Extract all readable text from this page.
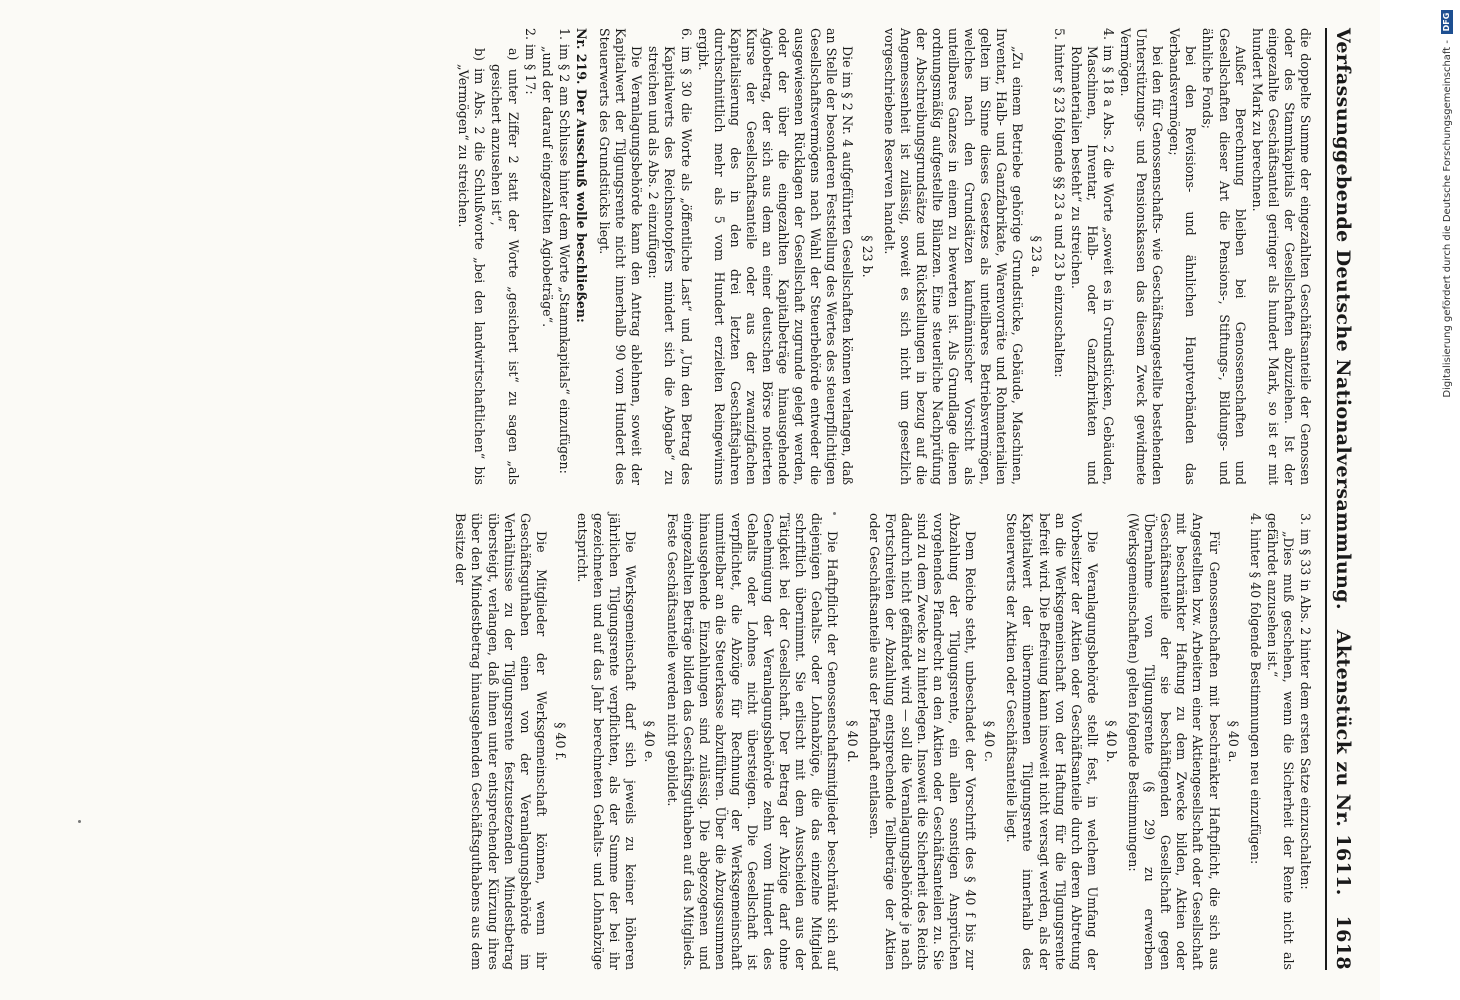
Verfassunggebende Deutsche Nationalversammlung.
Aktenstück zu Nr. 1611.
1618

die doppelte Summe der eingezahlten Geschäftsanteile der Genossen oder des Stammkapitals der Gesellschaften abzuziehen. Ist der eingezahlte Geschäftsanteil geringer als hundert Mark, so ist er mit hundert Mark zu berechnen.

Außer Berechnung bleiben bei Genossenschaften und Gesellschaften dieser Art die Pensions-, Stiftungs-, Bildungs- und ähnliche Fonds;

bei den Revisions- und ähnlichen Hauptverbänden das Verbandsvermögen;

bei den für Genossenschafts- wie Geschäftsangestellte bestehenden Unterstützungs- und Pensionskassen das diesem Zweck gewidmete Vermögen.

4. im § 18 a Abs. 2 die Worte „soweit es in Grundstücken, Gebäuden, Maschinen, Inventar, Halb- oder Ganzfabrikaten und Rohmaterialien besteht“ zu streichen.

5. hinter § 23 folgende §§ 23 a und 23 b einzuschalten:

§ 23 a.

„Zu einem Betriebe gehörige Grundstücke, Gebäude, Maschinen, Inventar, Halb- und Ganzfabrikate, Warenvorräte und Rohmaterialien gelten im Sinne dieses Gesetzes als unteilbares Betriebsvermögen, welches nach den Grundsätzen kaufmännischer Vorsicht als unteilbares Ganzes in einem zu bewerten ist. Als Grundlage dienen ordnungsmäßig aufgestellte Bilanzen. Eine steuerliche Nachprüfung der Abschreibungsgrundsätze und Rückstellungen in bezug auf die Angemessenheit ist zulässig, soweit es sich nicht um gesetzlich vorgeschriebene Reserven handelt.

§ 23 b.

Die im § 2 Nr. 4 aufgeführten Gesellschaften können verlangen, daß an Stelle der besonderen Feststellung des Wertes des steuerpflichtigen Gesellschaftsvermögens nach Wahl der Steuerbehörde entweder die ausgewiesenen Rücklagen der Gesellschaft zugrunde gelegt werden, oder der über die eingezahlten Kapitalbeträge hinausgehende Agiobetrag, der sich aus dem an einer deutschen Börse notierten Kurse der Gesellschaftsanteile oder aus der zwanzigfachen Kapitalisierung des in den drei letzten Geschäftsjahren durchschnittlich mehr als 5 vom Hundert erzielten Reingewinns ergibt.

6. im § 30 die Worte als „öffentliche Last“ und „Um den Betrag des Kapitalwerts des Reichsnotopfers mindert sich die Abgabe“ zu streichen und als Abs. 2 einzufügen:

Die Veranlagungsbehörde kann den Antrag ablehnen, soweit der Kapitalwert der Tilgungsrente nicht innerhalb 90 vom Hundert des Steuerwerts des Grundstücks liegt.

Nr. 219. Der Ausschuß wolle beschließen:

1. im § 2 am Schlusse hinter dem Worte „Stammkapitals“ einzufügen:

„und der darauf eingezahlten Agiobeträge“.

2. im § 17:

a) unter Ziffer 2 statt der Worte „gesichert ist“ zu sagen „als gesichert anzusehen ist“,

b) im Abs. 2 die Schlußworte „bei den landwirtschaftlichen“ bis „Vermögen“ zu streichen.

3. im § 33 in Abs. 2 hinter dem ersten Satze einzuschalten:

„Dies muß geschehen, wenn die Sicherheit der Rente nicht als gefährdet anzusehen ist.“

4. hinter § 40 folgende Bestimmungen neu einzufügen:

§ 40 a.

Für Genossenschaften mit beschränkter Haftpflicht, die sich aus Angestellten bzw. Arbeitern einer Aktiengesellschaft oder Gesellschaft mit beschränkter Haftung zu dem Zwecke bilden, Aktien oder Geschäftsanteile der sie beschäftigenden Gesellschaft gegen Übernahme von Tilgungsrente (§ 29) zu erwerben (Werksgemeinschaften) gelten folgende Bestimmungen:

§ 40 b.

Die Veranlagungsbehörde stellt fest, in welchem Umfang der Vorbesitzer der Aktien oder Geschäftsanteile durch deren Abtretung an die Werksgemeinschaft von der Haftung für die Tilgungsrente befreit wird. Die Befreiung kann insoweit nicht versagt werden, als der Kapitalwert der übernommenen Tilgungsrente innerhalb des Steuerwerts der Aktien oder Geschäftsanteile liegt.

§ 40 c.

Dem Reiche steht, unbeschadet der Vorschrift des § 40 f bis zur Abzahlung der Tilgungsrente, ein allen sonstigen Ansprüchen vorgehendes Pfandrecht an den Aktien oder Geschäftsanteilen zu. Sie sind zu dem Zwecke zu hinterlegen. Insoweit die Sicherheit des Reichs dadurch nicht gefährdet wird — soll die Veranlagungsbehörde je nach Fortschreiten der Abzahlung entsprechende Teilbeträge der Aktien oder Geschäftsanteile aus der Pfandhaft entlassen.

§ 40 d.

Die Haftpflicht der Genossenschaftsmitglieder beschränkt sich auf diejenigen Gehalts- oder Lohnabzüge, die das einzelne Mitglied schriftlich übernimmt. Sie erlischt mit dem Ausscheiden aus der Tätigkeit bei der Gesellschaft. Der Betrag der Abzüge darf ohne Genehmigung der Veranlagungsbehörde zehn vom Hundert des Gehalts oder Lohnes nicht übersteigen. Die Gesellschaft ist verpflichtet, die Abzüge für Rechnung der Werksgemeinschaft unmittelbar an die Steuerkasse abzuführen. Über die Abzugssummen hinausgehende Einzahlungen sind zulässig. Die abgezogenen und eingezahlten Beträge bilden das Geschäftsguthaben auf das Mitglieds. Feste Geschäftsanteile werden nicht gebildet.

§ 40 e.

Die Werksgemeinschaft darf sich jeweils zu keiner höheren jährlichen Tilgungsrente verpflichten, als der Summe der bei ihr gezeichneten und auf das Jahr berechneten Gehalts- und Lohnabzüge entspricht.

§ 40 f.

Die Mitglieder der Werksgemeinschaft können, wenn ihr Geschäftsguthaben einen von der Veranlagungsbehörde im Verhältnisse zu der Tilgungsrente festzusetzenden Mindestbetrag übersteigt, verlangen, daß ihnen unter entsprechender Kürzung ihres über den Mindestbetrag hinausgehenden Geschäftsguthabens aus dem Besitze der

Digitalisierung gefördert durch die Deutsche Forschungsgemeinschaft -
DFG
